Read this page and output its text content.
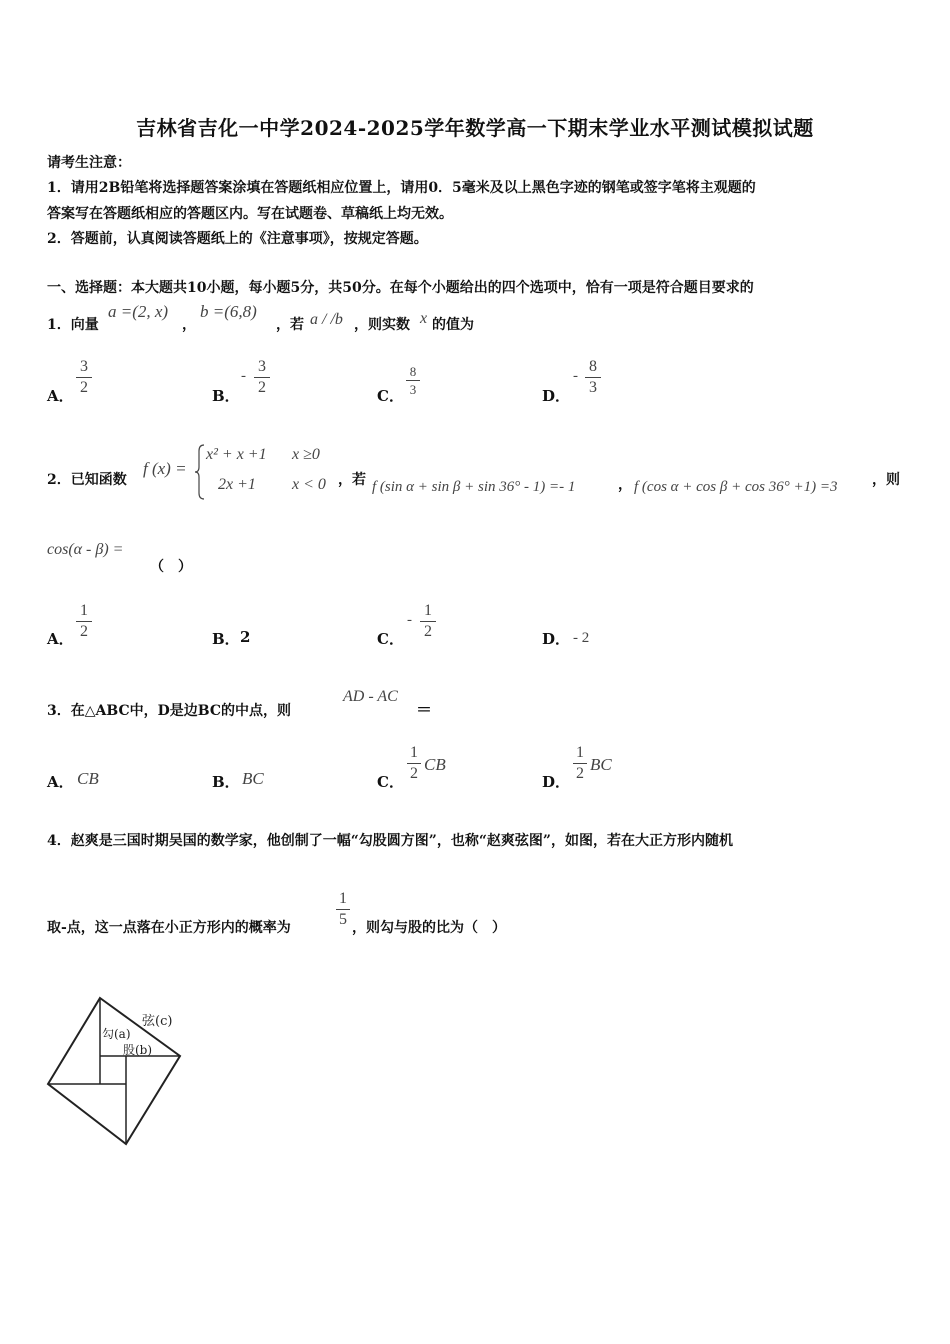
吉林省吉化一中学2024-2025学年数学高一下期末学业水平测试模拟试题
请考生注意：
1．请用2B铅笔将选择题答案涂填在答题纸相应位置上，请用0．5毫米及以上黑色字迹的钢笔或签字笔将主观题的
答案写在答题纸相应的答题区内。写在试题卷、草稿纸上均无效。
2．答题前，认真阅读答题纸上的《注意事项》，按规定答题。
一、选择题：本大题共10小题，每小题5分，共50分。在每个小题给出的四个选项中，恰有一项是符合题目要求的
1．向量
a =(2, x)
，
b =(6,8)
，若 a / /b ，则实数 x 的值为
A．
3
2	B．
-
3
2	C．
8
3	D．
-
8
3
2．已知函数
f (x) =
x² + x +1 x ≥0
2x +1 x < 0 ，若 f (sin α + sin β + sin 36° - 1) =- 1	， f (cos α + cos β + cos 36° +1) =3 ，则
cos(α - β) =
（　）
A．
1
2	B． 2	C．
-
1
2	D． - 2
3．在△ABC中，D是边BC的中点，则
AD - AC
＝
A． CB	B． BC	C．
1
2 CB
D．
1
2 BC
4．赵爽是三国时期吴国的数学家，他创制了一幅“勾股圆方图”，也称“赵爽弦图”，如图，若在大正方形内随机
取-点，这一点落在小正方形内的概率为
1
5 ，则勾与股的比为（　）
弦(c)
勾(a)
股(b)
